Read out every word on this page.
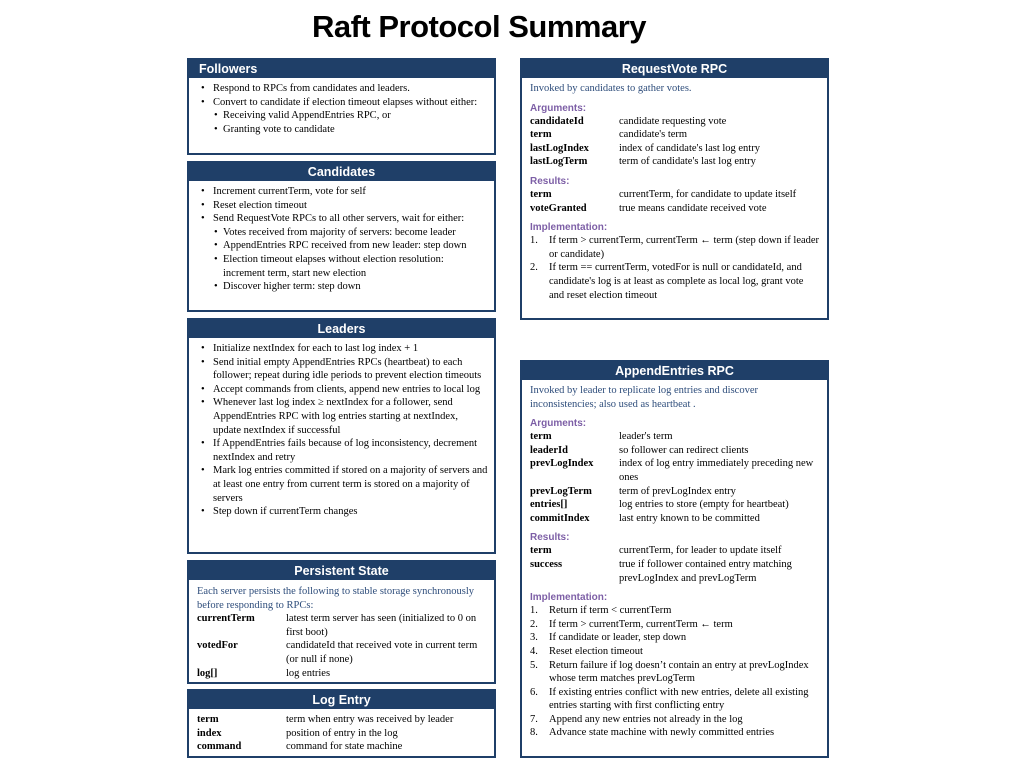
Raft Protocol Summary
Followers
• Respond to RPCs from candidates and leaders.
• Convert to candidate if election timeout elapses without either:
• Receiving valid AppendEntries RPC, or
• Granting vote to candidate
Candidates
• Increment currentTerm, vote for self
• Reset election timeout
• Send RequestVote RPCs to all other servers, wait for either:
• Votes received from majority of servers: become leader
• AppendEntries RPC received from new leader: step down
• Election timeout elapses without election resolution: increment term, start new election
• Discover higher term: step down
Leaders
• Initialize nextIndex for each to last log index + 1
• Send initial empty AppendEntries RPCs (heartbeat) to each follower; repeat during idle periods to prevent election timeouts
• Accept commands from clients, append new entries to local log
• Whenever last log index ≥ nextIndex for a follower, send AppendEntries RPC with log entries starting at nextIndex, update nextIndex if successful
• If AppendEntries fails because of log inconsistency, decrement nextIndex and retry
• Mark log entries committed if stored on a majority of servers and at least one entry from current term is stored on a majority of servers
• Step down if currentTerm changes
Persistent State
Each server persists the following to stable storage synchronously before responding to RPCs:
currentTerm	latest term server has seen (initialized to 0 on first boot)
votedFor	candidateId that received vote in current term (or null if none)
log[]	log entries
Log Entry
term	term when entry was received by leader
index	position of entry in the log
command	command for state machine
RequestVote RPC
Invoked by candidates to gather votes.
Arguments:
candidateId	candidate requesting vote
term	candidate's term
lastLogIndex	index of candidate's last log entry
lastLogTerm	term of candidate's last log entry
Results:
term	currentTerm, for candidate to update itself
voteGranted	true means candidate received vote
Implementation:
1. If term > currentTerm, currentTerm ← term (step down if leader or candidate)
2. If term == currentTerm, votedFor is null or candidateId, and candidate's log is at least as complete as local log, grant vote and reset election timeout
AppendEntries RPC
Invoked by leader to replicate log entries and discover inconsistencies; also used as heartbeat .
Arguments:
term	leader's term
leaderId	so follower can redirect clients
prevLogIndex	index of log entry immediately preceding new ones
prevLogTerm	term of prevLogIndex entry
entries[]	log entries to store (empty for heartbeat)
commitIndex	last entry known to be committed
Results:
term	currentTerm, for leader to update itself
success	true if follower contained entry matching prevLogIndex and prevLogTerm
Implementation:
1. Return if term < currentTerm
2. If term > currentTerm, currentTerm ← term
3. If candidate or leader, step down
4. Reset election timeout
5. Return failure if log doesn’t contain an entry at prevLogIndex whose term matches prevLogTerm
6. If existing entries conflict with new entries, delete all existing entries starting with first conflicting entry
7. Append any new entries not already in the log
8. Advance state machine with newly committed entries
